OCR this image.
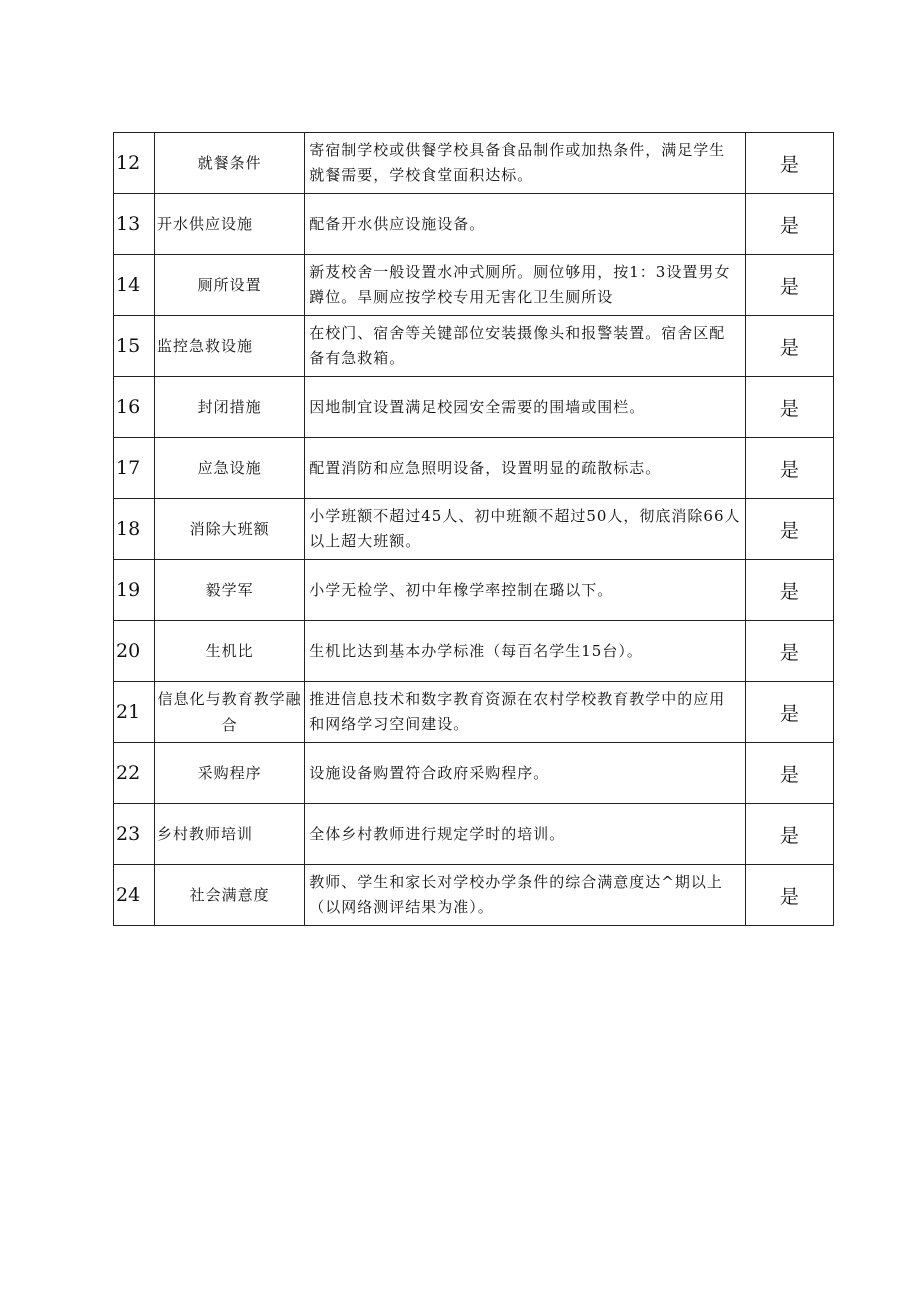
12	就餐条件	寄宿制学校或供餐学校具备食品制作或加热条件，满足学生就餐需要，学校食堂面积达标。	是
13	开水供应设施	配备开水供应设施设备。	是
14	厕所设置	新芨校舍一般设置水冲式厕所。厕位够用，按1：3设置男女蹲位。旱厕应按学校专用无害化卫生厕所设	是
15	监控急救设施	在校门、宿舍等关键部位安装摄像头和报警装置。宿舍区配备有急救箱。	是
16	封闭措施	因地制宜设置满足校园安全需要的围墙或围栏。	是
17	应急设施	配置消防和应急照明设备，设置明显的疏散标志。	是
18	消除大班额	小学班额不超过45人、初中班额不超过50人，彻底消除66人以上超大班额。	是
19	毅学军	小学无检学、初中年橡学率控制在璐以下。	是
20	生机比	生机比达到基本办学标准（每百名学生15台）。	是
21	信息化与教育教学融合	推进信息技术和数字教育资源在农村学校教育教学中的应用和网络学习空间建设。	是
22	采购程序	设施设备购置符合政府采购程序。	是
23	乡村教师培训	全体乡村教师进行规定学时的培训。	是
24	社会满意度	教师、学生和家长对学校办学条件的综合满意度达^期以上（以网络测评结果为准）。	是
